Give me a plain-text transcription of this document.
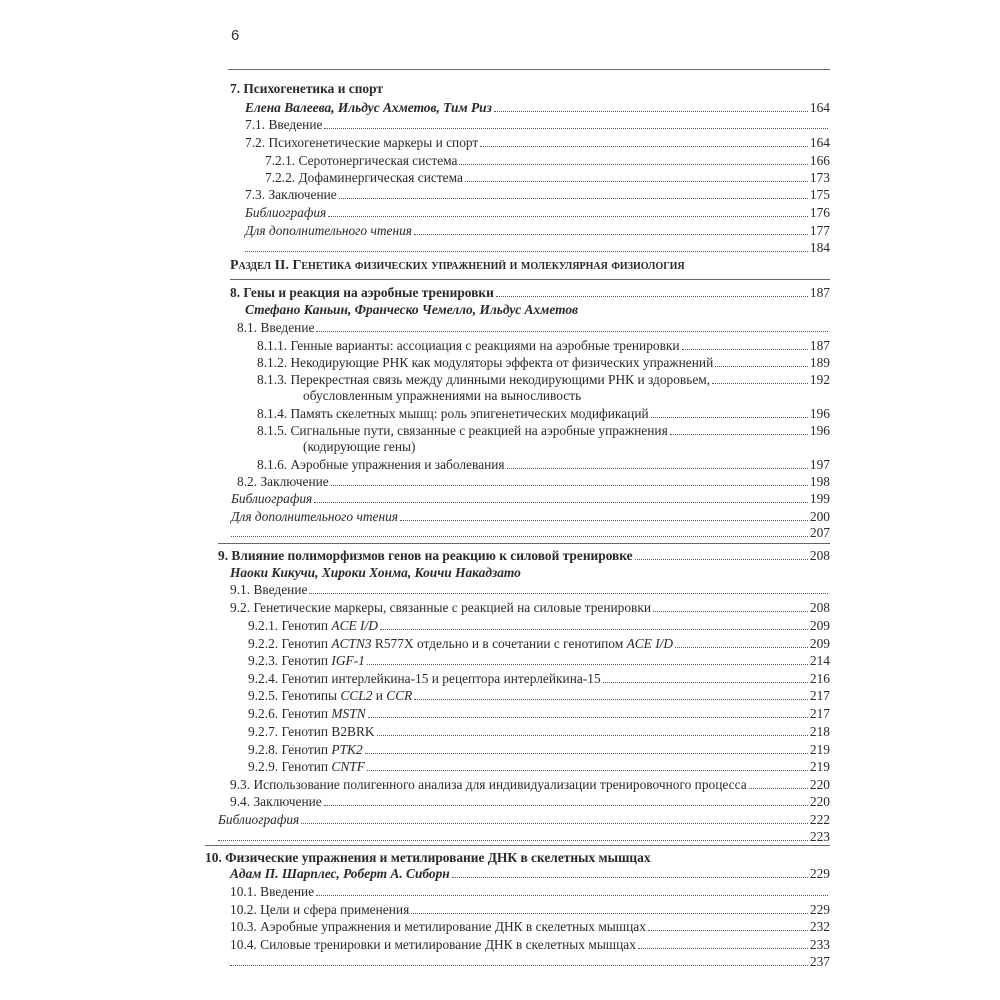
6
7. Психогенетика и спорт
Елена Валеева, Ильдус Ахметов, Тим Риз	164
7.1. Введение
7.2. Психогенетические маркеры и спорт	164
7.2.1. Серотонергическая система	166
7.2.2. Дофаминергическая система	173
7.3. Заключение	175
Библиография	176
Для дополнительного чтения	177
184
Раздел II. Генетика физических упражнений и молекулярная физиология
8. Гены и реакция на аэробные тренировки	187
Стефано Каньин, Франческо Чемелло, Ильдус Ахметов
8.1. Введение
8.1.1. Генные варианты: ассоциация с реакциями на аэробные тренировки	187
8.1.2. Некодирующие РНК как модуляторы эффекта от физических упражнений	189
8.1.3. Перекрестная связь между длинными некодирующими РНК и здоровьем,	192
обусловленным упражнениями на выносливость
8.1.4. Память скелетных мышц: роль эпигенетических модификаций	196
8.1.5. Сигнальные пути, связанные с реакцией на аэробные упражнения	196
(кодирующие гены)
8.1.6. Аэробные упражнения и заболевания	197
8.2. Заключение	198
Библиография	199
Для дополнительного чтения	200
207
9. Влияние полиморфизмов генов на реакцию к силовой тренировке	208
Наоки Кикучи, Хироки Хонма, Коичи Накадзато
9.1. Введение
9.2. Генетические маркеры, связанные с реакцией на силовые тренировки	208
9.2.1. Генотип ACE I/D	209
9.2.2. Генотип ACTN3 R577X отдельно и в сочетании с генотипом ACE I/D	209
9.2.3. Генотип IGF-1	214
9.2.4. Генотип интерлейкина-15 и рецептора интерлейкина-15	216
9.2.5. Генотипы CCL2 и CCR	217
9.2.6. Генотип MSTN	217
9.2.7. Генотип B2BRK	218
9.2.8. Генотип PTK2	219
9.2.9. Генотип CNTF	219
9.3. Использование полигенного анализа для индивидуализации тренировочного процесса	220
9.4. Заключение	220
Библиография	222
223
10. Физические упражнения и метилирование ДНК в скелетных мышцах
Адам П. Шарплес, Роберт А. Сиборн	229
10.1. Введение
10.2. Цели и сфера применения	229
10.3. Аэробные упражнения и метилирование ДНК в скелетных мышцах	232
10.4. Силовые тренировки и метилирование ДНК в скелетных мышцах	233
237
